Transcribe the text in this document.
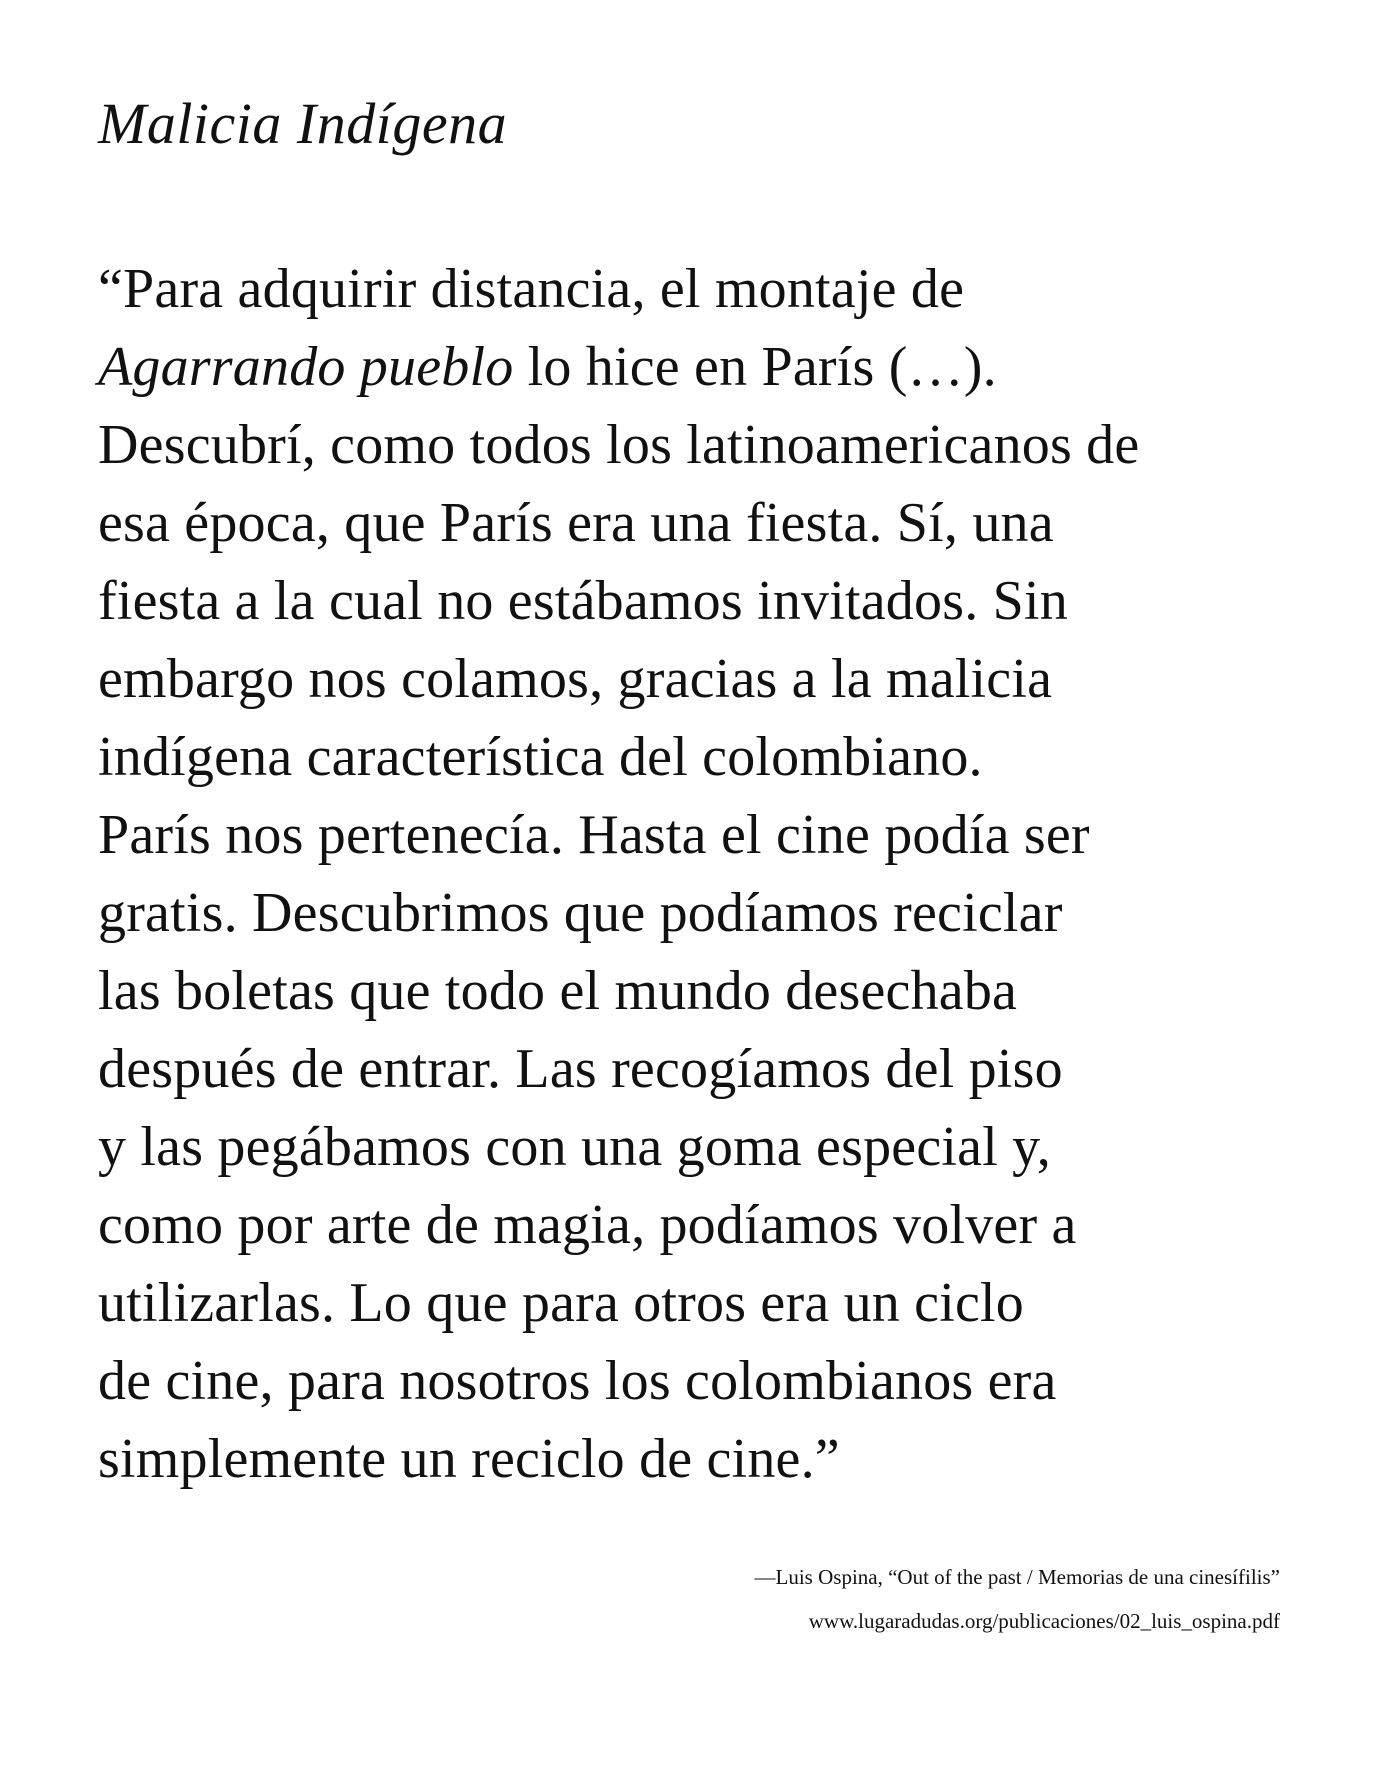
Malicia Indígena

“Para adquirir distancia, el montaje de
Agarrando pueblo lo hice en París (…).
Descubrí, como todos los latinoamericanos de
esa época, que París era una fiesta. Sí, una
fiesta a la cual no estábamos invitados. Sin
embargo nos colamos, gracias a la malicia
indígena característica del colombiano.
París nos pertenecía. Hasta el cine podía ser
gratis. Descubrimos que podíamos reciclar
las boletas que todo el mundo desechaba
después de entrar. Las recogíamos del piso
y las pegábamos con una goma especial y,
como por arte de magia, podíamos volver a
utilizarlas. Lo que para otros era un ciclo
de cine, para nosotros los colombianos era
simplemente un reciclo de cine.”

—Luis Ospina, “Out of the past / Memorias de una cinesífilis”
www.lugaradudas.org/publicaciones/02_luis_ospina.pdf
